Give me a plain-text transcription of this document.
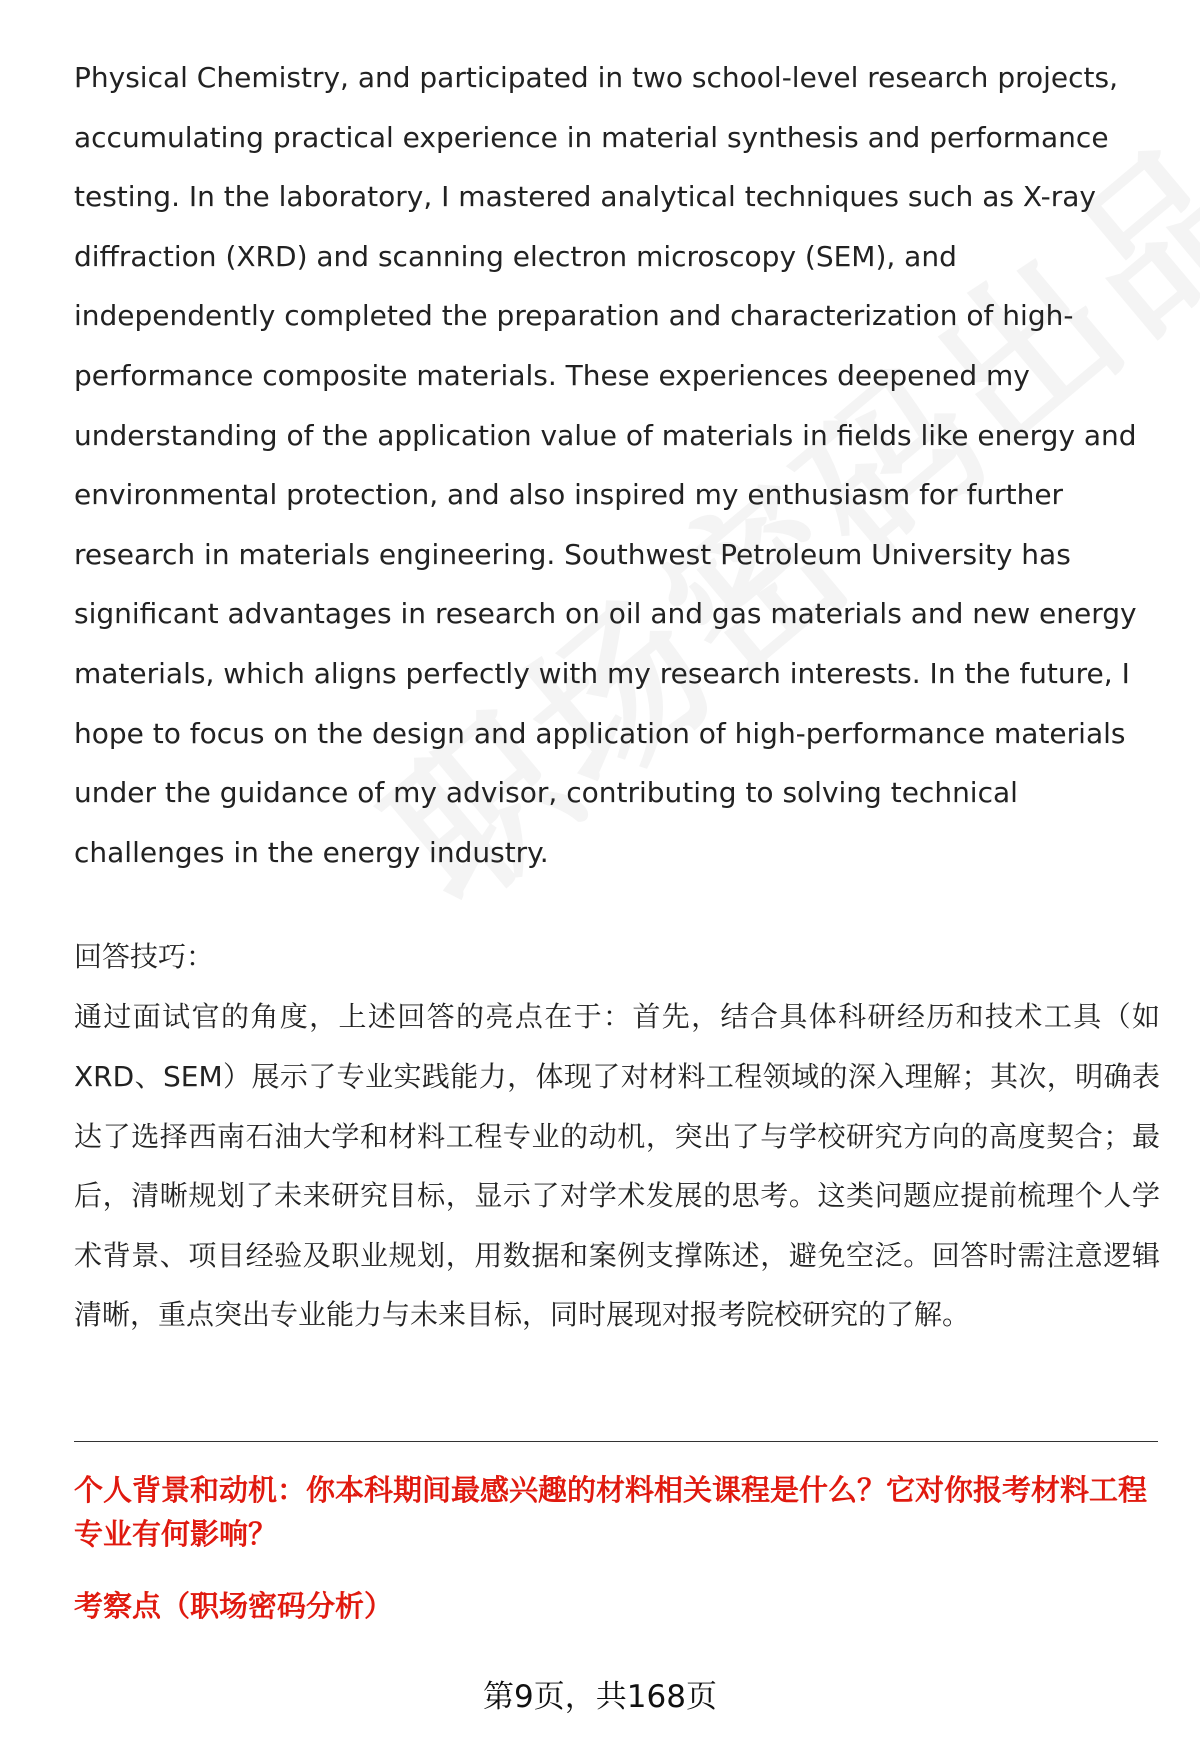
Physical Chemistry, and participated in two school-level research projects, accumulating practical experience in material synthesis and performance testing. In the laboratory, I mastered analytical techniques such as X-ray diffraction (XRD) and scanning electron microscopy (SEM), and independently completed the preparation and characterization of high-performance composite materials. These experiences deepened my understanding of the application value of materials in fields like energy and environmental protection, and also inspired my enthusiasm for further research in materials engineering. Southwest Petroleum University has significant advantages in research on oil and gas materials and new energy materials, which aligns perfectly with my research interests. In the future, I hope to focus on the design and application of high-performance materials under the guidance of my advisor, contributing to solving technical challenges in the energy industry.

回答技巧：

通过面试官的角度，上述回答的亮点在于：首先，结合具体科研经历和技术工具（如XRD、SEM）展示了专业实践能力，体现了对材料工程领域的深入理解；其次，明确表达了选择西南石油大学和材料工程专业的动机，突出了与学校研究方向的高度契合；最后，清晰规划了未来研究目标，显示了对学术发展的思考。这类问题应提前梳理个人学术背景、项目经验及职业规划，用数据和案例支撑陈述，避免空泛。回答时需注意逻辑清晰，重点突出专业能力与未来目标，同时展现对报考院校研究的了解。

个人背景和动机：你本科期间最感兴趣的材料相关课程是什么？它对你报考材料工程专业有何影响？

考察点（职场密码分析）

第9页，共168页
